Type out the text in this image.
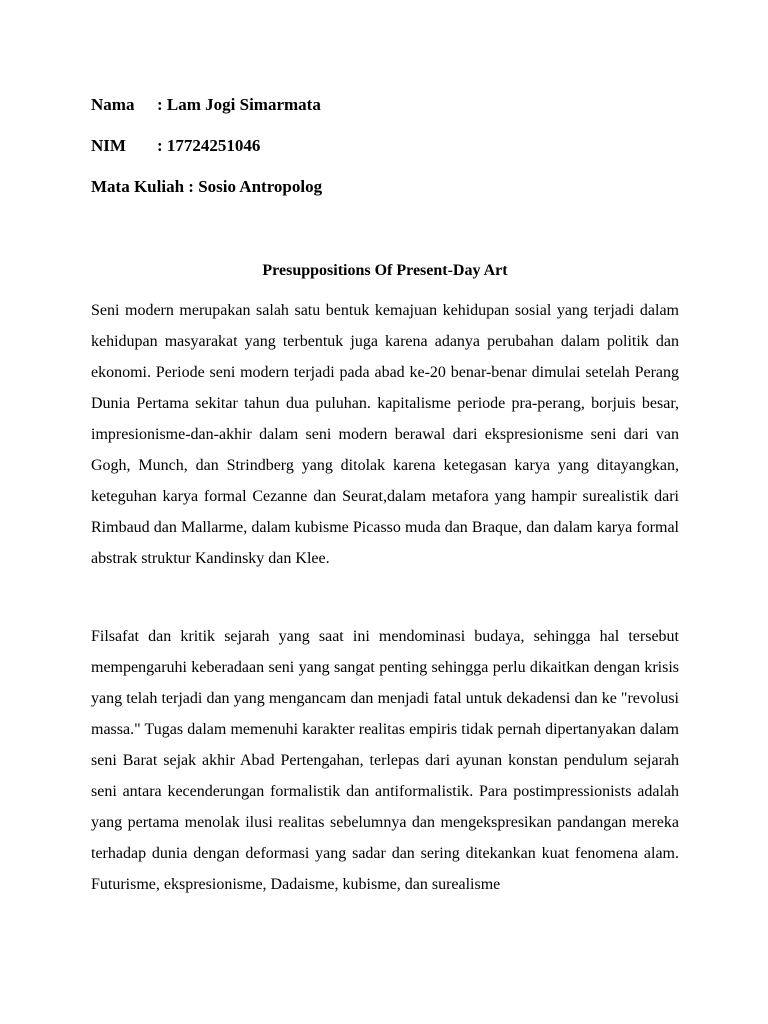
Nama : Lam Jogi Simarmata
NIM : 17724251046
Mata Kuliah : Sosio Antropolog
Presuppositions Of Present-Day Art

Seni modern merupakan salah satu bentuk kemajuan kehidupan sosial yang terjadi dalam kehidupan masyarakat yang terbentuk juga karena adanya perubahan dalam politik dan ekonomi. Periode seni modern terjadi pada abad ke-20 benar-benar dimulai setelah Perang Dunia Pertama sekitar tahun dua puluhan. kapitalisme periode pra-perang, borjuis besar, impresionisme-dan-akhir dalam seni modern berawal dari ekspresionisme seni dari van Gogh, Munch, dan Strindberg yang ditolak karena ketegasan karya yang ditayangkan, keteguhan karya formal Cezanne dan Seurat,dalam metafora yang hampir surealistik dari Rimbaud dan Mallarme, dalam kubisme Picasso muda dan Braque, dan dalam karya formal abstrak struktur Kandinsky dan Klee.

Filsafat dan kritik sejarah yang saat ini mendominasi budaya, sehingga hal tersebut mempengaruhi keberadaan seni yang sangat penting sehingga perlu dikaitkan dengan krisis yang telah terjadi dan yang mengancam dan menjadi fatal untuk dekadensi dan ke "revolusi massa." Tugas dalam memenuhi karakter realitas empiris tidak pernah dipertanyakan dalam seni Barat sejak akhir Abad Pertengahan, terlepas dari ayunan konstan pendulum sejarah seni antara kecenderungan formalistik dan antiformalistik. Para postimpressionists adalah yang pertama menolak ilusi realitas sebelumnya dan mengekspresikan pandangan mereka terhadap dunia dengan deformasi yang sadar dan sering ditekankan kuat fenomena alam. Futurisme, ekspresionisme, Dadaisme, kubisme, dan surealisme
